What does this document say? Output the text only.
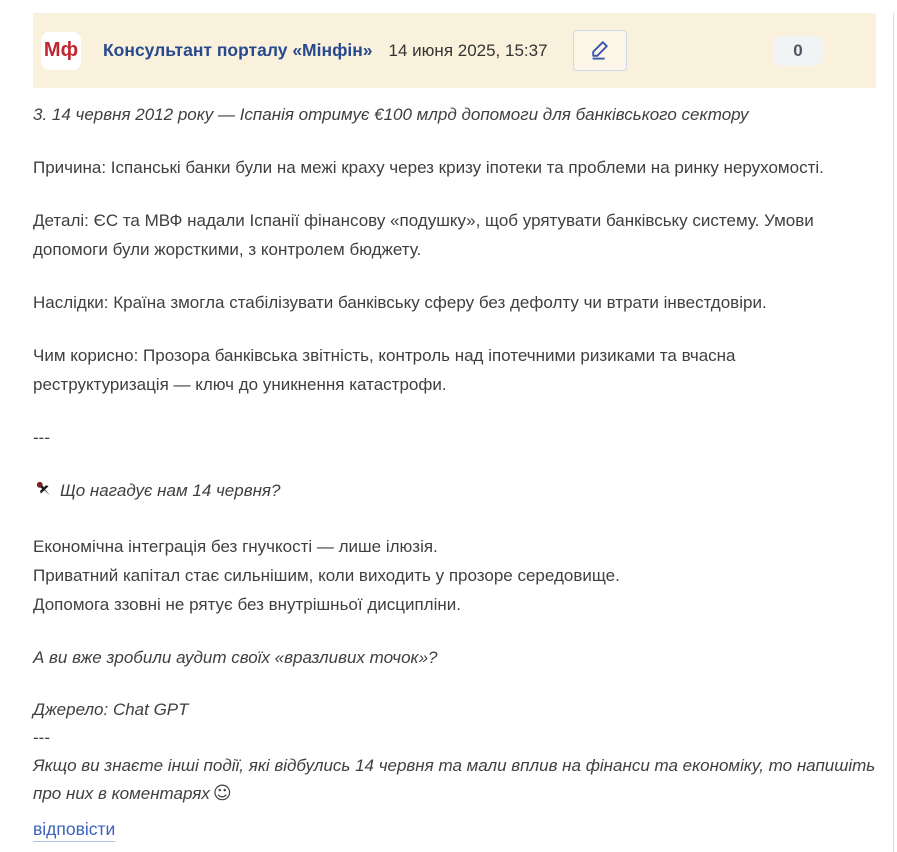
Мф Консультант порталу «Мінфін» 14 июня 2025, 15:37	0
3. 14 червня 2012 року — Іспанія отримує €100 млрд допомоги для банківського сектору
Причина: Іспанські банки були на межі краху через кризу іпотеки та проблеми на ринку нерухомості.
Деталі: ЄС та МВФ надали Іспанії фінансову «подушку», щоб урятувати банківську систему. Умови допомоги були жорсткими, з контролем бюджету.
Наслідки: Країна змогла стабілізувати банківську сферу без дефолту чи втрати інвестдовіри.
Чим корисно: Прозора банківська звітність, контроль над іпотечними ризиками та вчасна реструктуризація — ключ до уникнення катастрофи.
---
Що нагадує нам 14 червня?
Економічна інтеграція без гнучкості — лише ілюзія.
Приватний капітал стає сильнішим, коли виходить у прозоре середовище.
Допомога ззовні не рятує без внутрішньої дисципліни.
А ви вже зробили аудит своїх «вразливих точок»?
Джерело: Chat GPT
---
Якщо ви знаєте інші події, які відбулись 14 червня та мали вплив на фінанси та економіку, то напишіть про них в коментарях ☺
відповісти
